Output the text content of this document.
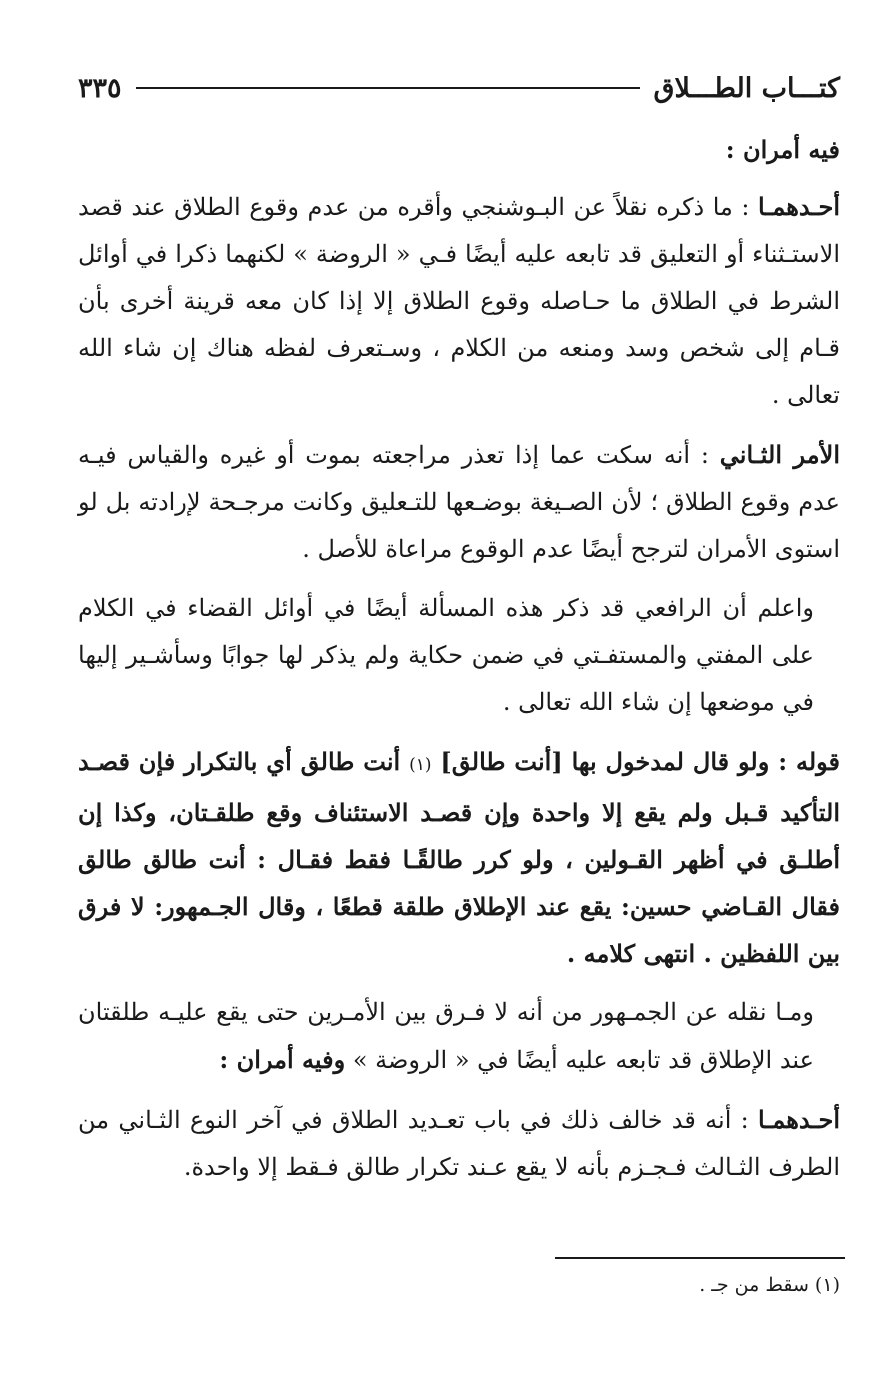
كتـــاب الطـــلاق
٣٣٥

فيه أمران :

أحـدهمـا : ما ذكره نقلاً عن البـوشنجي وأقره من عدم وقوع الطلاق عند قصد الاستـثناء أو التعليق قد تابعه عليه أيضًا فـي « الروضة » لكنهما ذكرا في أوائل الشرط في الطلاق ما حـاصله وقوع الطلاق إلا إذا كان معه قرينة أخرى بأن قـام إلى شخص وسد ومنعه من الكلام ، وسـتعرف لفظه هناك إن شاء الله تعالى .

الأمر الثـاني : أنه سكت عما إذا تعذر مراجعته بموت أو غيره والقياس فيـه عدم وقوع الطلاق ؛ لأن الصـيغة بوضـعها للتـعليق وكانت مرجـحة لإرادته بل لو استوى الأمران لترجح أيضًا عدم الوقوع مراعاة للأصل .

واعلم أن الرافعي قد ذكر هذه المسألة أيضًا في أوائل القضاء في الكلام على المفتي والمستفـتي في ضمن حكاية ولم يذكر لها جوابًا وسأشـير إليها في موضعها إن شاء الله تعالى .

قوله : ولو قال لمدخول بها [أنت طالق] (١) أنت طالق أي بالتكرار فإن قصـد التأكيد قـبل ولم يقع إلا واحدة وإن قصـد الاستئناف وقع طلقـتان، وكذا إن أطلـق في أظهر القـولين ، ولو كرر طالقًـا فقط فقـال : أنت طالق طالق فقال القـاضي حسين: يقع عند الإطلاق طلقة قطعًا ، وقال الجـمهور: لا فرق بين اللفظين . انتهى كلامه .

ومـا نقله عن الجمـهور من أنه لا فـرق بين الأمـرين حتى يقع عليـه طلقتان عند الإطلاق قد تابعه عليه أيضًا في « الروضة » وفيه أمران :

أحـدهمـا : أنه قد خالف ذلك في باب تعـديد الطلاق في آخر النوع الثـاني من الطرف الثـالث فـجـزم بأنه لا يقع عـند تكرار طالق فـقط إلا واحدة.

(١) سقط من جـ .
